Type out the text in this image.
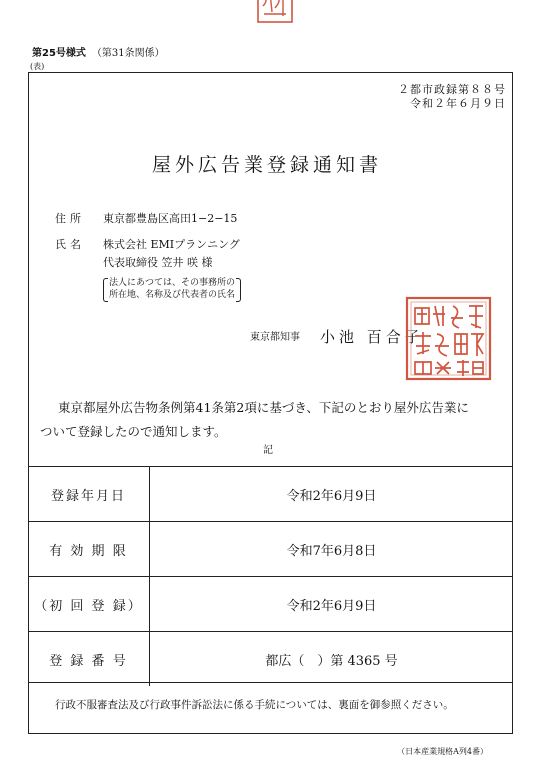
第25号様式 （第31条関係）
(表)
２都市政録第８８号
令和２年６月９日
屋外広告業登録通知書
住所 東京都豊島区高田1−2−15
氏名 株式会社 EMIプランニング
代表取締役 笠井 咲 様
法人にあつては、その事務所の
所在地、名称及び代表者の氏名
東京都知事 小池 百合子
東京都屋外広告物条例第41条第2項に基づき、下記のとおり屋外広告業に
ついて登録したので通知します。
記
登録年月日	令和2年6月9日
有 効 期 限	令和7年6月8日
（初 回 登 録）	令和2年6月9日
登 録 番 号	都広（　）第 4365 号
行政不服審査法及び行政事件訴訟法に係る手続については、裏面を御参照ください。
（日本産業規格A列4番）
